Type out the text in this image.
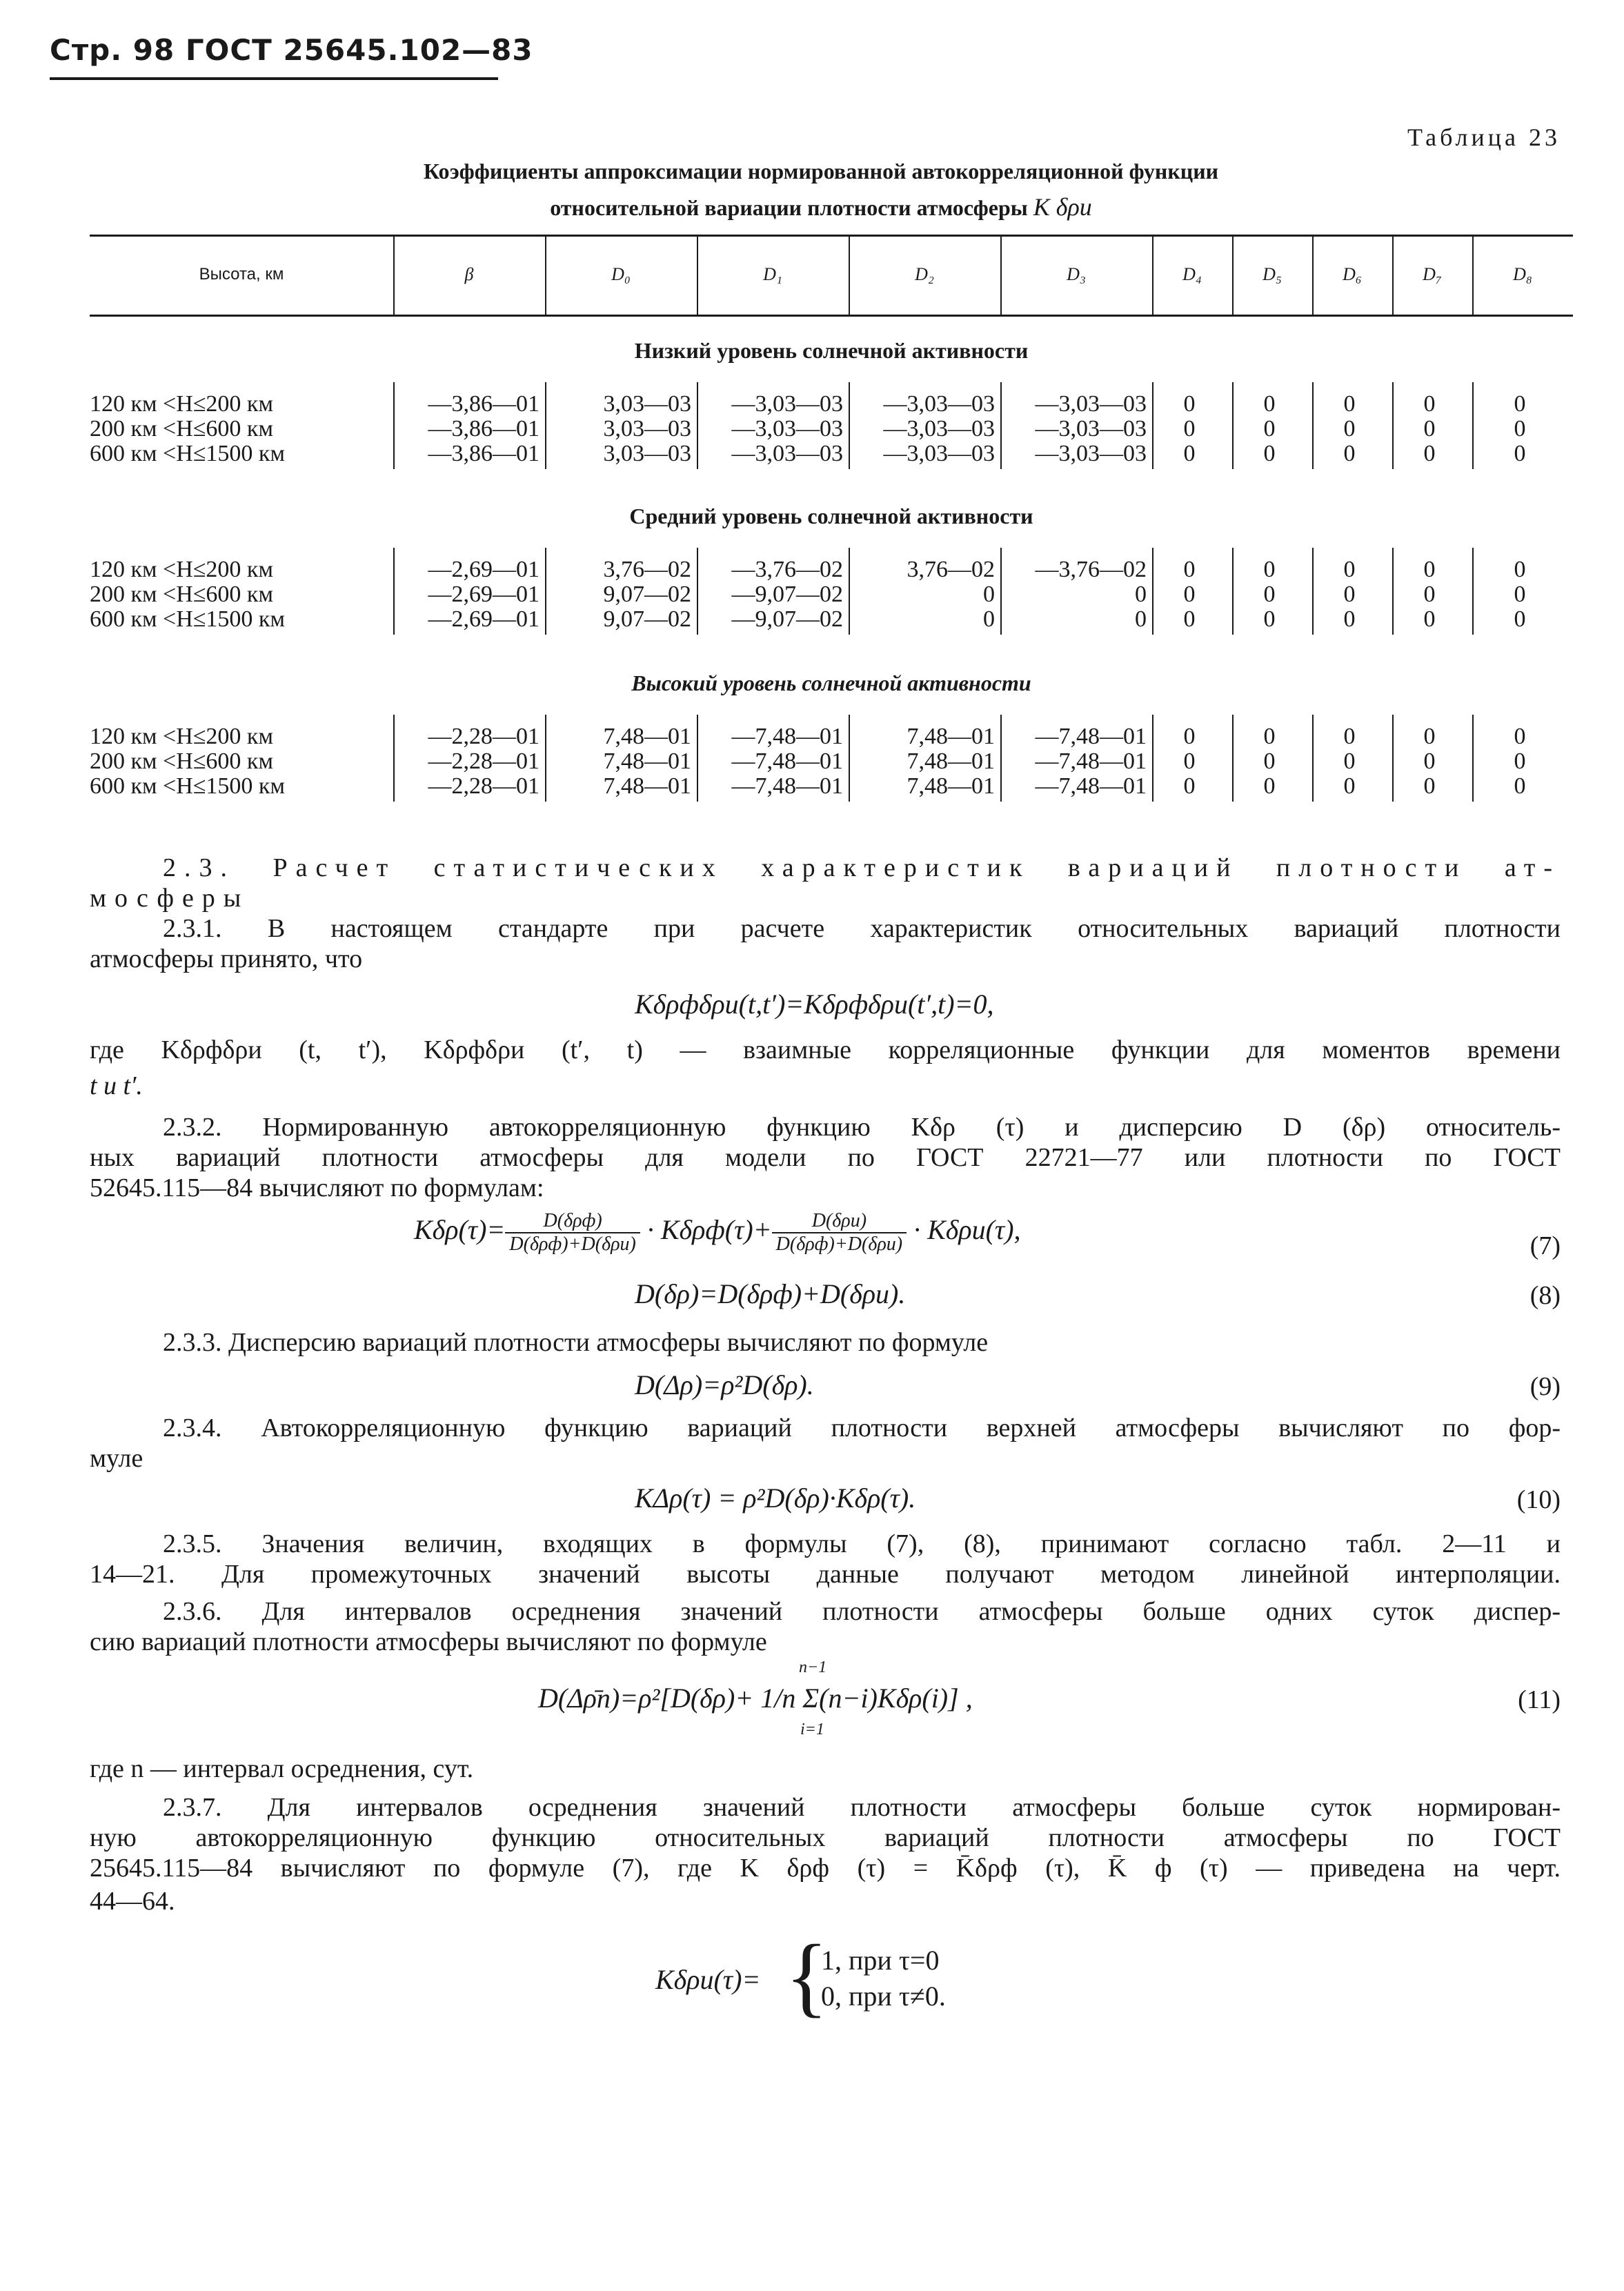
Стр. 98 ГОСТ 25645.102—83
Таблица 23
Коэффициенты аппроксимации нормированной автокорреляционной функции
относительной вариации плотности атмосферы K δρи
2.3. Расчет статистических характеристик вариаций плотности ат-
мосферы
2.3.1. В настоящем стандарте при расчете характеристик относительных вариаций плотности
атмосферы принято, что
Kδρфδρи(t,t′)=Kδρфδρи(t′,t)=0,
где Kδρфδρи (t, t′), Kδρфδρи (t′, t) — взаимные корреляционные функции для моментов времени
t и t′.
2.3.2. Нормированную автокорреляционную функцию Kδρ (τ) и дисперсию D (δρ) относитель-
ных вариаций плотности атмосферы для модели по ГОСТ 22721—77 или плотности по ГОСТ
52645.115—84 вычисляют по формулам:
$K\delta\rho(\tau)= \frac{\text{D(δρф)}}{\text{D(δρф)+D(δρи)}} \cdot K\delta\rho ф(\tau)+ \frac{\text{D(δρи)}}{\text{D(δρф)+D(δρи)}} \cdot K\delta\rho и(\tau)$,
(7)
D(δρ)=D(δρф)+D(δρи).	(8)
2.3.3. Дисперсию вариаций плотности атмосферы вычисляют по формуле
D(Δρ)=ρ²D(δρ).	(9)
2.3.4. Автокорреляционную функцию вариаций плотности верхней атмосферы вычисляют по фор-
муле
KΔρ(τ) = ρ²D(δρ)·Kδρ(τ).	(10)
2.3.5. Значения величин, входящих в формулы (7), (8), принимают согласно табл. 2—11 и
14—21. Для промежуточных значений высоты данные получают методом линейной интерполяции.
2.3.6. Для интервалов осреднения значений плотности атмосферы больше одних суток диспер-
сию вариаций плотности атмосферы вычисляют по формуле
n−1
D(Δρ̄n)=ρ²[D(δρ)+ 1/n Σ(n−i)Kδρ(i)] ,
i=1
(11)
где n — интервал осреднения, сут.
2.3.7. Для интервалов осреднения значений плотности атмосферы больше суток нормирован-
ную автокорреляционную функцию относительных вариаций плотности атмосферы по ГОСТ
25645.115—84 вычисляют по формуле (7), где K δρф (τ) = K̄δρф (τ), K̄ ф (τ) — приведена на черт.
44—64.
Kδρи(τ)= {
1, при τ=0
0, при τ≠0.
Высота, км	β	D₀	D₁	D₂	D₃	D₄	D₅	D₆	D₇	D₈
Низкий уровень солнечной активности
120 км <H≤200 км	—3,86—01	3,03—03	—3,03—03	—3,03—03	—3,03—03	0	0	0	0	0
200 км <H≤600 км	—3,86—01	3,03—03	—3,03—03	—3,03—03	—3,03—03	0	0	0	0	0
600 км <H≤1500 км	—3,86—01	3,03—03	—3,03—03	—3,03—03	—3,03—03	0	0	0	0	0
Средний уровень солнечной активности
120 км <H≤200 км	—2,69—01	3,76—02	—3,76—02	3,76—02	—3,76—02	0	0	0	0	0
200 км <H≤600 км	—2,69—01	9,07—02	—9,07—02	0	0	0	0	0	0	0
600 км <H≤1500 км	—2,69—01	9,07—02	—9,07—02	0	0	0	0	0	0	0
Высокий уровень солнечной активности
120 км <H≤200 км	—2,28—01	7,48—01	—7,48—01	7,48—01	—7,48—01	0	0	0	0	0
200 км <H≤600 км	—2,28—01	7,48—01	—7,48—01	7,48—01	—7,48—01	0	0	0	0	0
600 км <H≤1500 км	—2,28—01	7,48—01	—7,48—01	7,48—01	—7,48—01	0	0	0	0	0
